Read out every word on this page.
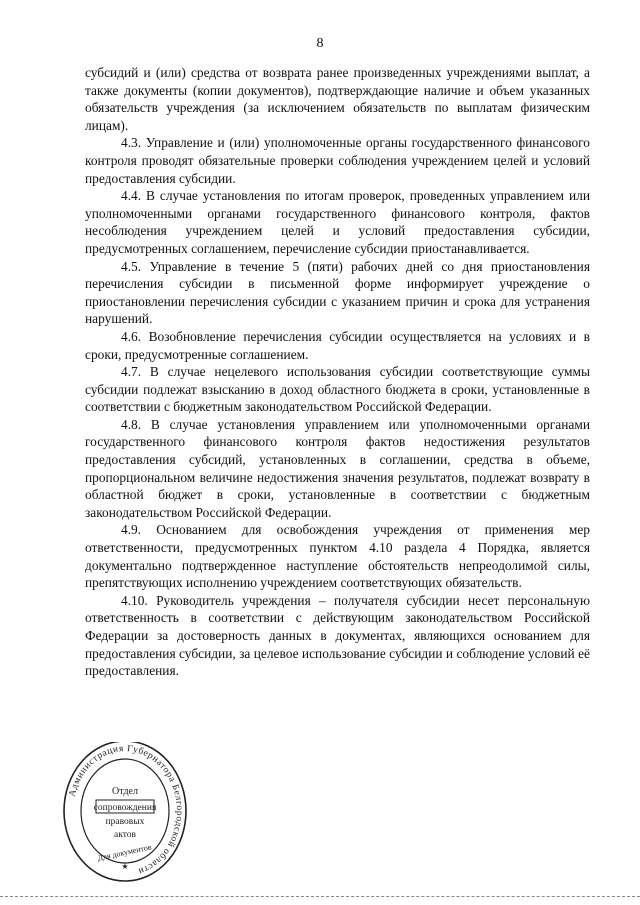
8

субсидий и (или) средства от возврата ранее произведенных учреждениями выплат, а также документы (копии документов), подтверждающие наличие и объем указанных обязательств учреждения (за исключением обязательств по выплатам физическим лицам).

4.3. Управление и (или) уполномоченные органы государственного финансового контроля проводят обязательные проверки соблюдения учреждением целей и условий предоставления субсидии.

4.4. В случае установления по итогам проверок, проведенных управлением или уполномоченными органами государственного финансового контроля, фактов несоблюдения учреждением целей и условий предоставления субсидии, предусмотренных соглашением, перечисление субсидии приостанавливается.

4.5. Управление в течение 5 (пяти) рабочих дней со дня приостановления перечисления субсидии в письменной форме информирует учреждение о приостановлении перечисления субсидии с указанием причин и срока для устранения нарушений.

4.6. Возобновление перечисления субсидии осуществляется на условиях и в сроки, предусмотренные соглашением.

4.7. В случае нецелевого использования субсидии соответствующие суммы субсидии подлежат взысканию в доход областного бюджета в сроки, установленные в соответствии с бюджетным законодательством Российской Федерации.

4.8. В случае установления управлением или уполномоченными органами государственного финансового контроля фактов недостижения результатов предоставления субсидий, установленных в соглашении, средства в объеме, пропорциональном величине недостижения значения результатов, подлежат возврату в областной бюджет в сроки, установленные в соответствии с бюджетным законодательством Российской Федерации.

4.9. Основанием для освобождения учреждения от применения мер ответственности, предусмотренных пунктом 4.10 раздела 4 Порядка, является документально подтвержденное наступление обстоятельств непреодолимой силы, препятствующих исполнению учреждением соответствующих обязательств.

4.10. Руководитель учреждения – получателя субсидии несет персональную ответственность в соответствии с действующим законодательством Российской Федерации за достоверность данных в документах, являющихся основанием для предоставления субсидии, за целевое использование субсидии и соблюдение условий её предоставления.

Администрация Губернатора Белгородской области
Отдел
сопровождения
правовых
актов
Для документов
★
